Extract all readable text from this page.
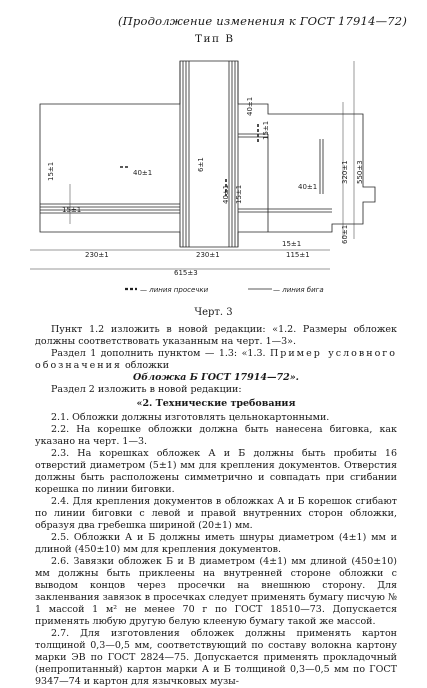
(Продолжение изменения к ГОСТ 17914—72)
Тип В
40±1
15±1
40±1
15±1	6±1
40±1 15±1	40±1
15±1
15±1
320±1 550±3
60±1
230±1	230±1	115±1
615±3
— линия просечки	— линия бига
Черт. 3

Пункт 1.2 изложить в новой редакции: «1.2. Размеры обложек должны соответствовать указанным на черт. 1—3».

Раздел 1 дополнить пунктом — 1.3: «1.3. Пример условного обозначения обложки

Обложка Б ГОСТ 17914—72».

Раздел 2 изложить в новой редакции:

«2. Технические требования

2.1. Обложки должны изготовлять цельнокартонными.

2.2. На корешке обложки должна быть нанесена биговка, как указано на черт. 1—3.

2.3. На корешках обложек А и Б должны быть пробиты 16 отверстий диаметром (5±1) мм для крепления документов. Отверстия должны быть расположены симметрично и совпадать при сгибании корешка по линии биговки.

2.4. Для крепления документов в обложках А и Б корешок сгибают по линии биговки с левой и правой внутренних сторон обложки, образуя два гребешка шириной (20±1) мм.

2.5. Обложки А и Б должны иметь шнуры диаметром (4±1) мм и длиной (450±10) мм для крепления документов.

2.6. Завязки обложек Б и В диаметром (4±1) мм длиной (450±10) мм должны быть приклеены на внутренней стороне обложки с выводом концов через просечки на внешнюю сторону. Для закленвания завязок в просечках следует применять бумагу писчую № 1 массой 1 м² не менее 70 г по ГОСТ 18510—73. Допускается применять любую другую белую клееную бумагу такой же массой.

2.7. Для изготовления обложек должны применять картон толщиной 0,3—0,5 мм, соответствующий по составу волокна картону марки ЭВ по ГОСТ 2824—75. Допускается применять прокладочный (непропитанный) картон марки А и Б толщиной 0,3—0,5 мм по ГОСТ 9347—74 и картон для язычковых музы-
